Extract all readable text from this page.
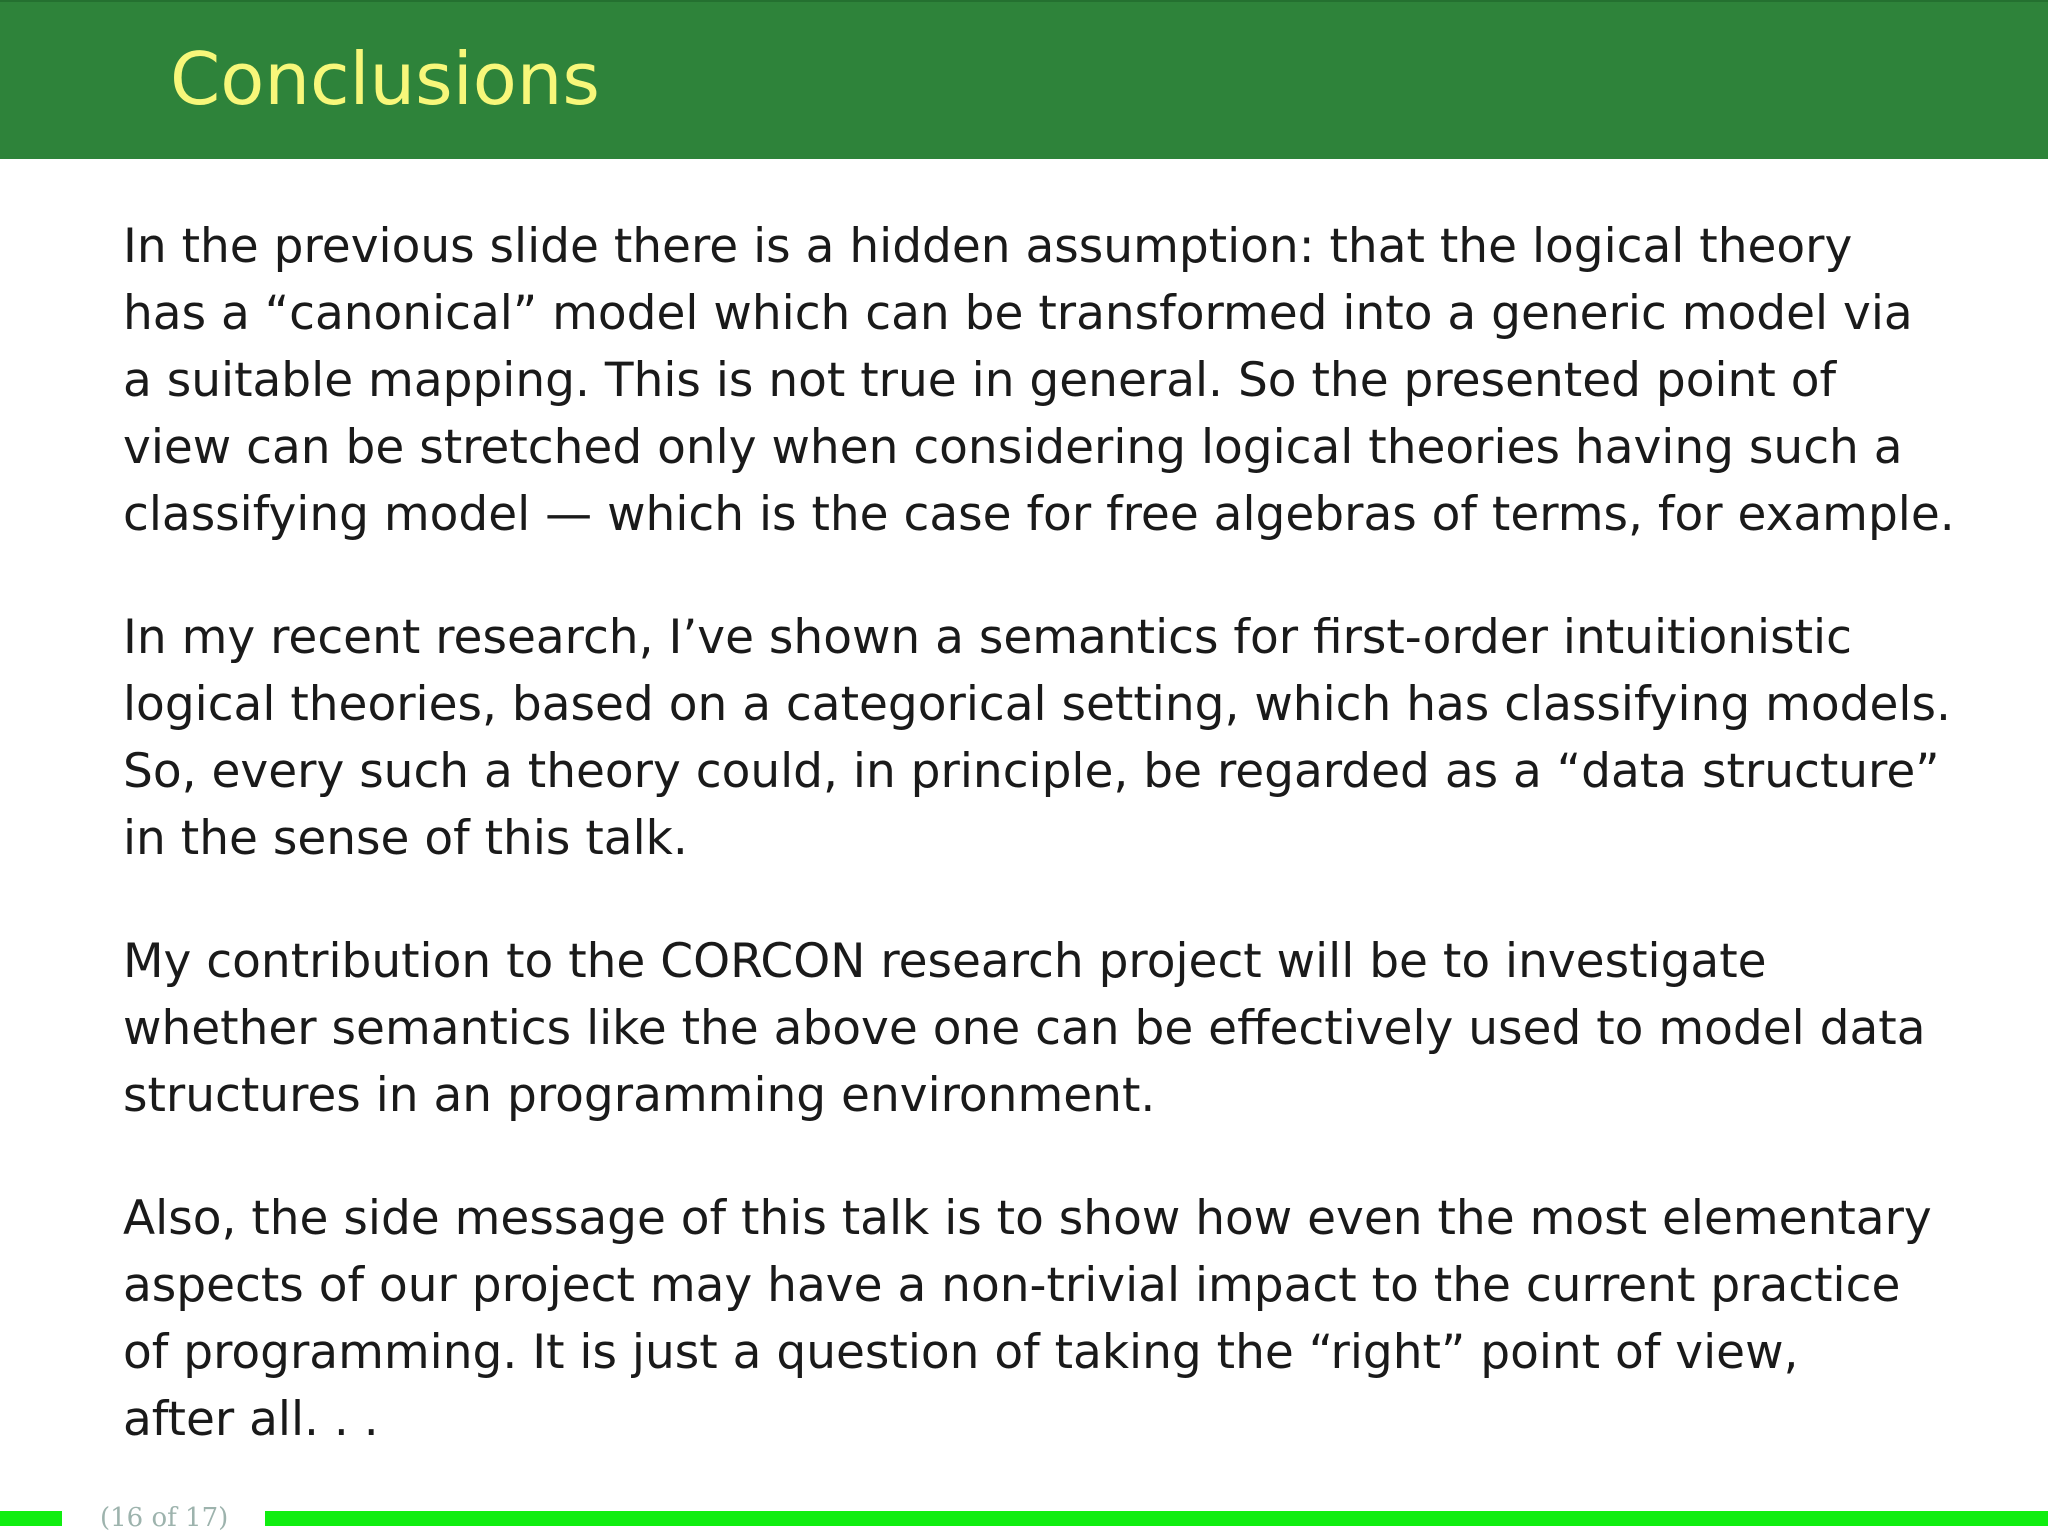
Conclusions

In the previous slide there is a hidden assumption: that the logical theory
has a “canonical” model which can be transformed into a generic model via
a suitable mapping. This is not true in general. So the presented point of
view can be stretched only when considering logical theories having such a
classifying model — which is the case for free algebras of terms, for example.

In my recent research, I’ve shown a semantics for first-order intuitionistic
logical theories, based on a categorical setting, which has classifying models.
So, every such a theory could, in principle, be regarded as a “data structure”
in the sense of this talk.

My contribution to the CORCON research project will be to investigate
whether semantics like the above one can be effectively used to model data
structures in an programming environment.

Also, the side message of this talk is to show how even the most elementary
aspects of our project may have a non-trivial impact to the current practice
of programming. It is just a question of taking the “right” point of view,
after all. . .

(16 of 17)
